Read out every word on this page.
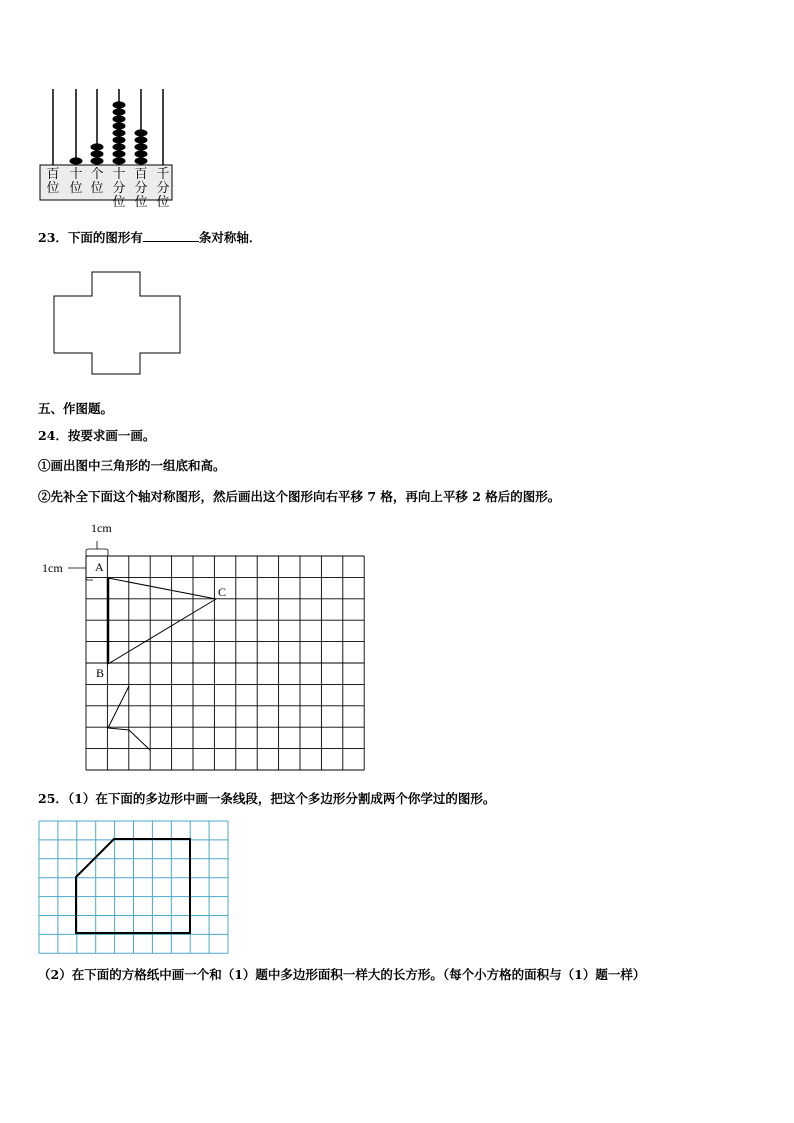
百位
十位
个位
十分位
百分位
千分位
23．下面的图形有	条对称轴．
五、作图题。
24．按要求画一画。
①画出图中三角形的一组底和高。
②先补全下面这个轴对称图形，然后画出这个图形向右平移 7 格，再向上平移 2 格后的图形。
1cm
1cm	A
B
C
25．（1）在下面的多边形中画一条线段，把这个多边形分割成两个你学过的图形。
（2）在下面的方格纸中画一个和（1）题中多边形面积一样大的长方形。（每个小方格的面积与（1）题一样）
